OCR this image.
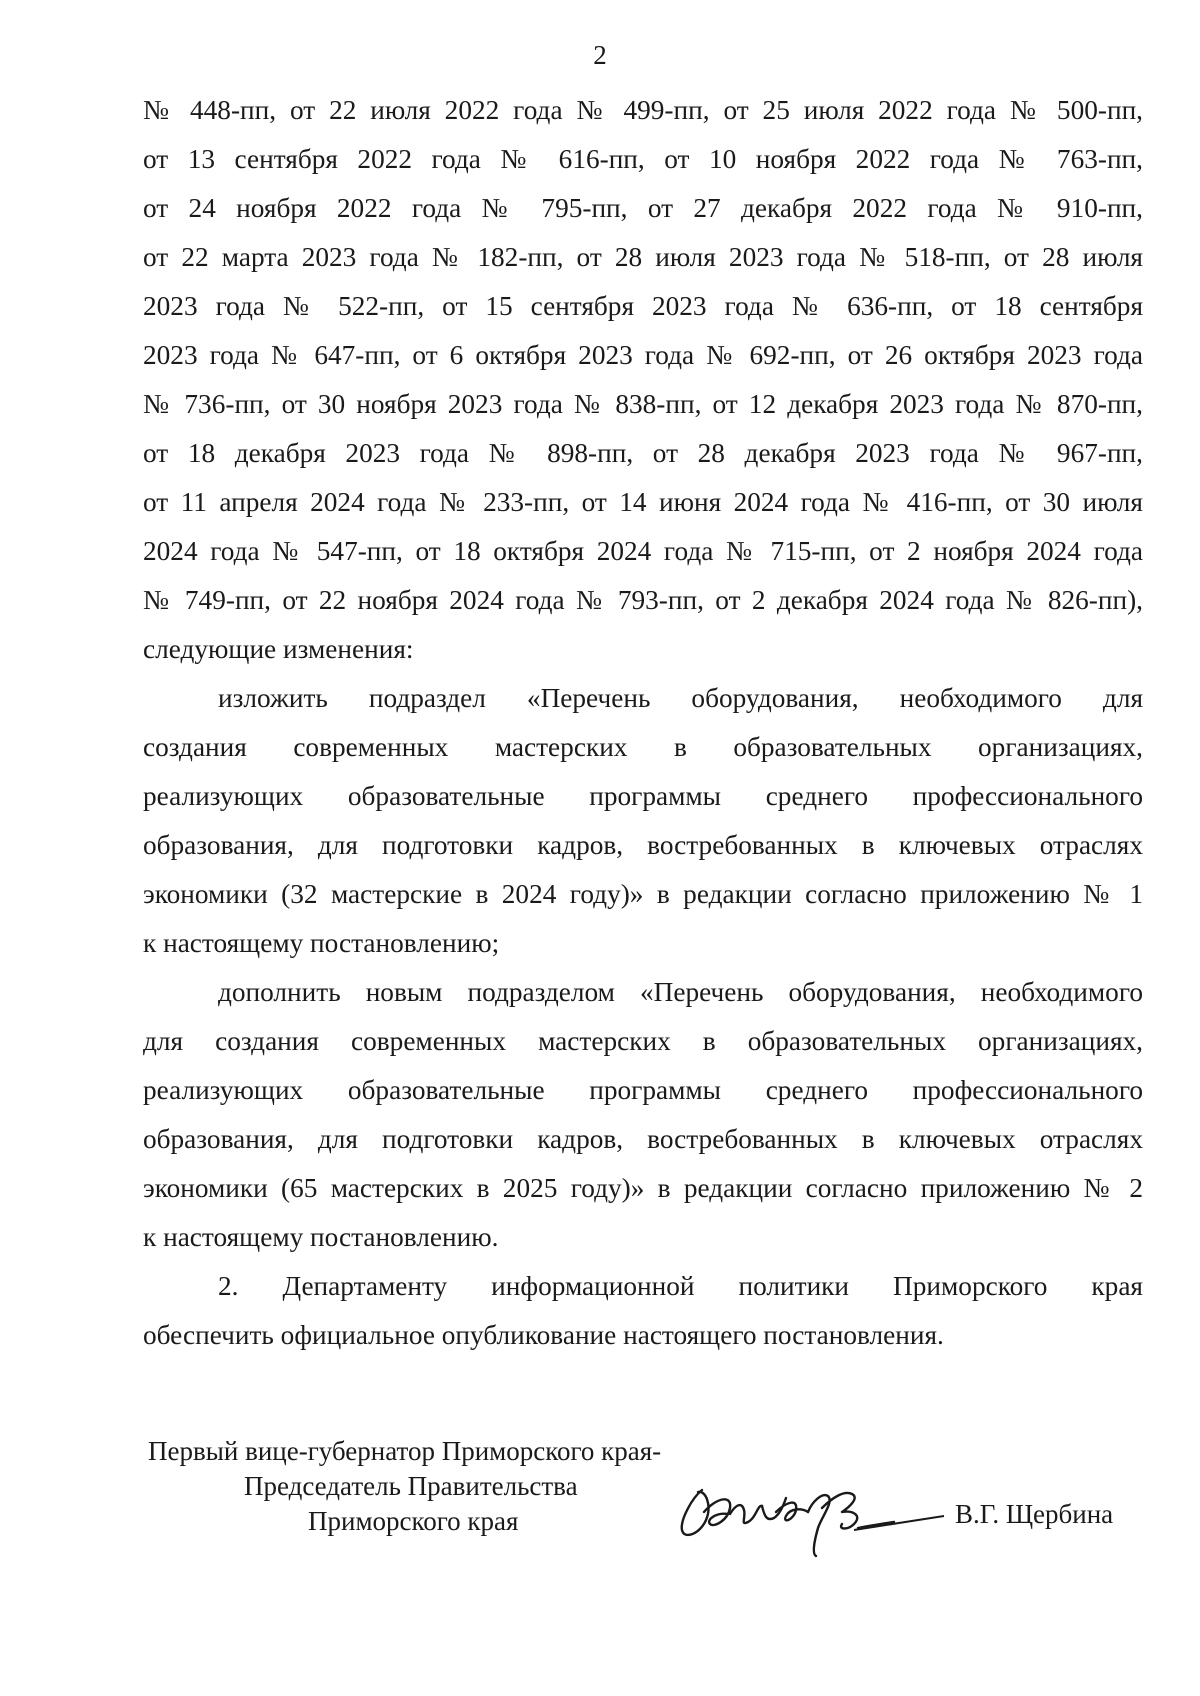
2
№ 448-пп, от 22 июля 2022 года № 499-пп, от 25 июля 2022 года № 500-пп,
от 13 сентября 2022 года № 616-пп, от 10 ноября 2022 года № 763-пп,
от 24 ноября 2022 года № 795-пп, от 27 декабря 2022 года № 910-пп,
от 22 марта 2023 года № 182-пп, от 28 июля 2023 года № 518-пп, от 28 июля
2023 года № 522-пп, от 15 сентября 2023 года № 636-пп, от 18 сентября
2023 года № 647-пп, от 6 октября 2023 года № 692-пп, от 26 октября 2023 года
№ 736-пп, от 30 ноября 2023 года № 838-пп, от 12 декабря 2023 года № 870-пп,
от 18 декабря 2023 года № 898-пп, от 28 декабря 2023 года № 967-пп,
от 11 апреля 2024 года № 233-пп, от 14 июня 2024 года № 416-пп, от 30 июля
2024 года № 547-пп, от 18 октября 2024 года № 715-пп, от 2 ноября 2024 года
№ 749-пп, от 22 ноября 2024 года № 793-пп, от 2 декабря 2024 года № 826-пп),
следующие изменения:
изложить подраздел «Перечень оборудования, необходимого для
создания современных мастерских в образовательных организациях,
реализующих образовательные программы среднего профессионального
образования, для подготовки кадров, востребованных в ключевых отраслях
экономики (32 мастерские в 2024 году)» в редакции согласно приложению № 1
к настоящему постановлению;
дополнить новым подразделом «Перечень оборудования, необходимого
для создания современных мастерских в образовательных организациях,
реализующих образовательные программы среднего профессионального
образования, для подготовки кадров, востребованных в ключевых отраслях
экономики (65 мастерских в 2025 году)» в редакции согласно приложению № 2
к настоящему постановлению.
2. Департаменту информационной политики Приморского края
обеспечить официальное опубликование настоящего постановления.
Первый вице-губернатор Приморского края-
Председатель Правительства
Приморского края	В.Г. Щербина
